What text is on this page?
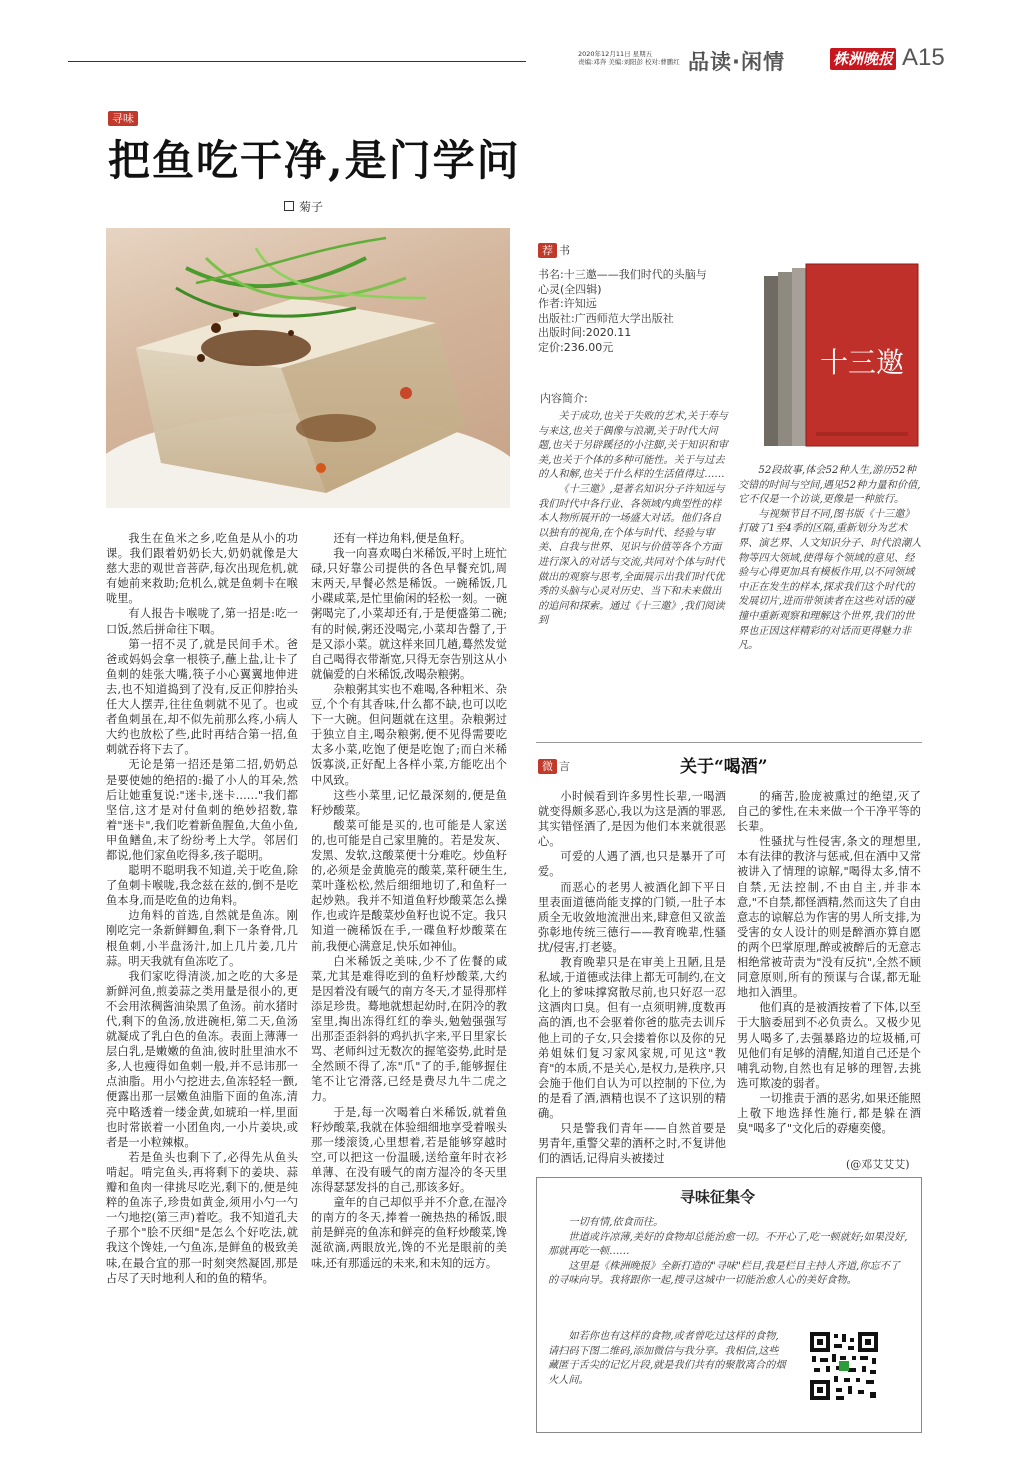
2020年12月11日 星期五
责编:邓奔 美编:刘阳彭 校对:曹鹏红 品读·闲情	株洲晚报 A15
寻味
把鱼吃干净,是门学问
菊子

我生在鱼米之乡,吃鱼是从小的功课。我们跟着奶奶长大,奶奶就像是大慈大悲的观世音菩萨,每次出现危机,就有她前来救助;危机么,就是鱼刺卡在喉咙里。

有人报告卡喉咙了,第一招是:吃一口饭,然后拼命往下咽。

第一招不灵了,就是民间手术。爸爸或妈妈会拿一根筷子,蘸上盐,让卡了鱼刺的娃张大嘴,筷子小心翼翼地伸进去,也不知道捣到了没有,反正仰脖抬头任大人摆弄,往往鱼刺就不见了。也或者鱼刺虽在,却不似先前那么疼,小病人大约也放松了些,此时再结合第一招,鱼刺就吞将下去了。

无论是第一招还是第二招,奶奶总是要使她的绝招的:撮了小人的耳朵,然后让她重复说:"迷卡,迷卡……"我们都坚信,这才是对付鱼刺的绝妙招数,靠着"迷卡",我们吃着新鱼腥鱼,大鱼小鱼,甲鱼鳝鱼,末了纷纷考上大学。邻居们都说,他们家鱼吃得多,孩子聪明。

聪明不聪明我不知道,关于吃鱼,除了鱼刺卡喉咙,我念兹在兹的,倒不是吃鱼本身,而是吃鱼的边角料。

边角料的首选,自然就是鱼冻。刚刚吃完一条新鲜鲫鱼,剩下一条脊骨,几根鱼刺,小半盘汤汁,加上几片姜,几片蒜。明天我就有鱼冻吃了。

我们家吃得清淡,加之吃的大多是新鲜河鱼,煎姜蒜之类用量是很小的,更不会用浓稠酱油染黑了鱼汤。前水猪时代,剩下的鱼汤,放进碗柜,第二天,鱼汤就凝成了乳白色的鱼冻。表面上薄薄一层白乳,是嫩嫩的鱼油,彼时肚里油水不多,人也瘦得如鱼刺一般,并不忌讳那一点油脂。用小勺挖进去,鱼冻轻轻一颤,便露出那一层嫩鱼油脂下面的鱼冻,清亮中略透着一缕金黄,如琥珀一样,里面也时常嵌着一小团鱼肉,一小片姜块,或者是一小粒辣椒。

若是鱼头也剩下了,必得先从鱼头啃起。啃完鱼头,再将剩下的姜块、蒜瓣和鱼肉一律挑尽吃光,剩下的,便是纯粹的鱼冻子,珍贵如黄金,须用小勺一勺一勺地挖(第三声)着吃。我不知道孔夫子那个"脍不厌细"是怎么个好吃法,就我这个馋娃,一勺鱼冻,是鲜鱼的极致美味,在最合宜的那一时刻突然凝固,那是占尽了天时地利人和的鱼的精华。

还有一样边角料,便是鱼籽。

我一向喜欢喝白米稀饭,平时上班忙碌,只好靠公司提供的各色早餐充饥,周末两天,早餐必然是稀饭。一碗稀饭,几小碟咸菜,是忙里偷闲的轻松一刻。一碗粥喝完了,小菜却还有,于是便盛第二碗;有的时候,粥还没喝完,小菜却告罄了,于是又添小菜。就这样来回几趟,蓦然发觉自己喝得衣带渐宽,只得无奈告别这从小就偏爱的白米稀饭,改喝杂粮粥。

杂粮粥其实也不难喝,各种粗米、杂豆,个个有其香味,什么都不缺,也可以吃下一大碗。但问题就在这里。杂粮粥过于独立自主,喝杂粮粥,便不见得需要吃太多小菜,吃饱了便是吃饱了;而白米稀饭寡淡,正好配上各样小菜,方能吃出个中风致。

这些小菜里,记忆最深刻的,便是鱼籽炒酸菜。

酸菜可能是买的,也可能是人家送的,也可能是自己家里腌的。若是发灰、发黑、发软,这酸菜便十分难吃。炒鱼籽的,必须是金黄脆亮的酸菜,菜秆硬生生,菜叶蓬松松,然后细细地切了,和鱼籽一起炒熟。我并不知道鱼籽炒酸菜怎么操作,也或许是酸菜炒鱼籽也说不定。我只知道一碗稀饭在手,一碟鱼籽炒酸菜在前,我便心满意足,快乐如神仙。

白米稀饭之美味,少不了佐餐的咸菜,尤其是难得吃到的鱼籽炒酸菜,大约是因着没有暖气的南方冬天,才显得那样添足珍贵。蓦地就想起幼时,在阴冷的教室里,掏出冻得红红的拳头,勉勉强强写出那歪歪斜斜的鸡扒扒字来,平日里家长骂、老师纠过无数次的握笔姿势,此时是全然顾不得了,冻"爪"了的手,能够握住笔不让它滑落,已经是费尽九牛二虎之力。

于是,每一次喝着白米稀饭,就着鱼籽炒酸菜,我就在体验细细地享受着喉头那一缕滚烫,心里想着,若是能够穿越时空,可以把这一份温暖,送给童年时衣衫单薄、在没有暖气的南方湿冷的冬天里冻得瑟瑟发抖的自己,那该多好。

童年的自己却似乎并不介意,在湿冷的南方的冬天,捧着一碗热热的稀饭,眼前是鲜亮的鱼冻和鲜亮的鱼籽炒酸菜,馋涎欲滴,两眼放光,馋的不光是眼前的美味,还有那遥远的未来,和未知的远方。

荐 书
书名:十三邀——我们时代的头脑与
心灵(全四辑)
作者:许知远
出版社:广西师范大学出版社
出版时间:2020.11
定价:236.00元	十三邀
内容简介:

关于成功,也关于失败的艺术,关于寿与与来这,也关于偶像与浪潮,关于时代大问题,也关于另辟蹊径的小注脚,关于知识和审美,也关于个体的多种可能性。关于与过去的人和解,也关于什么样的生活值得过……

《十三邀》,是著名知识分子许知远与我们时代中各行业、各领域内典型性的样本人物所展开的一场盛大对话。他们各自以独有的视角,在个体与时代、经验与审美、自我与世界、见识与价值等各个方面进行深入的对话与交流,共同对个体与时代做出的观察与思考,全面展示出我们时代优秀的头脑与心灵对历史、当下和未来做出的追问和探索。通过《十三邀》,我们阅读到

52段故事,体会52种人生,游历52种交错的时间与空间,遇见52种力量和价值,它不仅是一个访谈,更像是一种旅行。

与视频节目不同,图书版《十三邀》打破了1至4季的区隔,重新划分为艺术界、演艺界、人文知识分子、时代浪潮人物等四大领域,使得每个领域的意见、经验与心得更加具有模板作用,以不同领域中正在发生的样本,探求我们这个时代的发展切片,进而带领读者在这些对话的碰撞中重新观察和理解这个世界,我们的世界也正因这样精彩的对话而更得魅力非凡。

微 言	关于“喝酒”

小时候看到许多男性长辈,一喝酒就变得颇多恶心,我以为这是酒的罪恶,其实错怪酒了,是因为他们本来就很恶心。

可爱的人遇了酒,也只是暴开了可爱。

而恶心的老男人被酒化卸下平日里表面道德尚能支撑的门锁,一肚子本质全无收敛地流泄出来,肆意但又欲盖弥彰地传统三德行——教育晚辈,性骚扰/侵害,打老婆。

教育晚辈只是在审美上丑陋,且是私域,于道德或法律上都无可制约,在文化上的爹味撑窝散尽前,也只好忍一忍这酒肉口臭。但有一点须明辨,度数再高的酒,也不会驱着你爸的肱壳去训斥他上司的子女,只会搂着你以及你的兄弟姐妹们复习家风家规,可见这"教育"的本质,不是关心,是权力,是秩序,只会施于他们自认为可以控制的下位,为的是看了酒,酒精也误不了这识别的精确。

只是警我们青年——自然首要是男青年,重警父辈的酒杯之时,不复讲他们的酒话,记得肩头被搂过

的痛苦,脸庞被熏过的绝望,灭了自己的爹性,在未来做一个干净平等的长辈。

性骚扰与性侵害,条文的理想里,本有法律的教济与惩戒,但在酒中又常被讲入了情理的谅解,"喝得太多,情不自禁,无法控制,不由自主,并非本意,"不自禁,都怪酒精,然而这失了自由意志的谅解总为作害的男人所支排,为受害的女人设计的则是醉酒亦算自愿的两个巴掌原理,醉或被醉后的无意志相绝常被苛责为"没有反抗",全然不顾同意原则,所有的预谋与合谋,都无耻地扣入酒里。

他们真的是被酒按着了下体,以至于大脑委屈到不必负责么。又极少见男人喝多了,去强暴路边的垃圾桶,可见他们有足够的清醒,知道自己还是个哺乳动物,自然也有足够的理智,去挑选可欺凌的弱者。

一切推责于酒的恶劣,如果还能照上敬下地选择性施行,都是躲在酒臭"喝多了"文化后的孬瘪奕傻。

(@邓艾艾艾)
寻味征集令

一切有情,依食而往。

世道或许凉薄,美好的食物却总能治愈一切。不开心了,吃一顿就好;如果没好,那就再吃一顿……

这里是《株洲晚报》全新打造的"寻味"栏目,我是栏目主持人齐道,你忘不了的寻味向导。我将跟你一起,搜寻这城中一切能治愈人心的美好食物。

如若你也有这样的食物,或者曾吃过这样的食物,请扫码下图二维码,添加微信与我分享。我相信,这些藏匿于舌尖的记忆片段,就是我们共有的聚散离合的烟火人间。
